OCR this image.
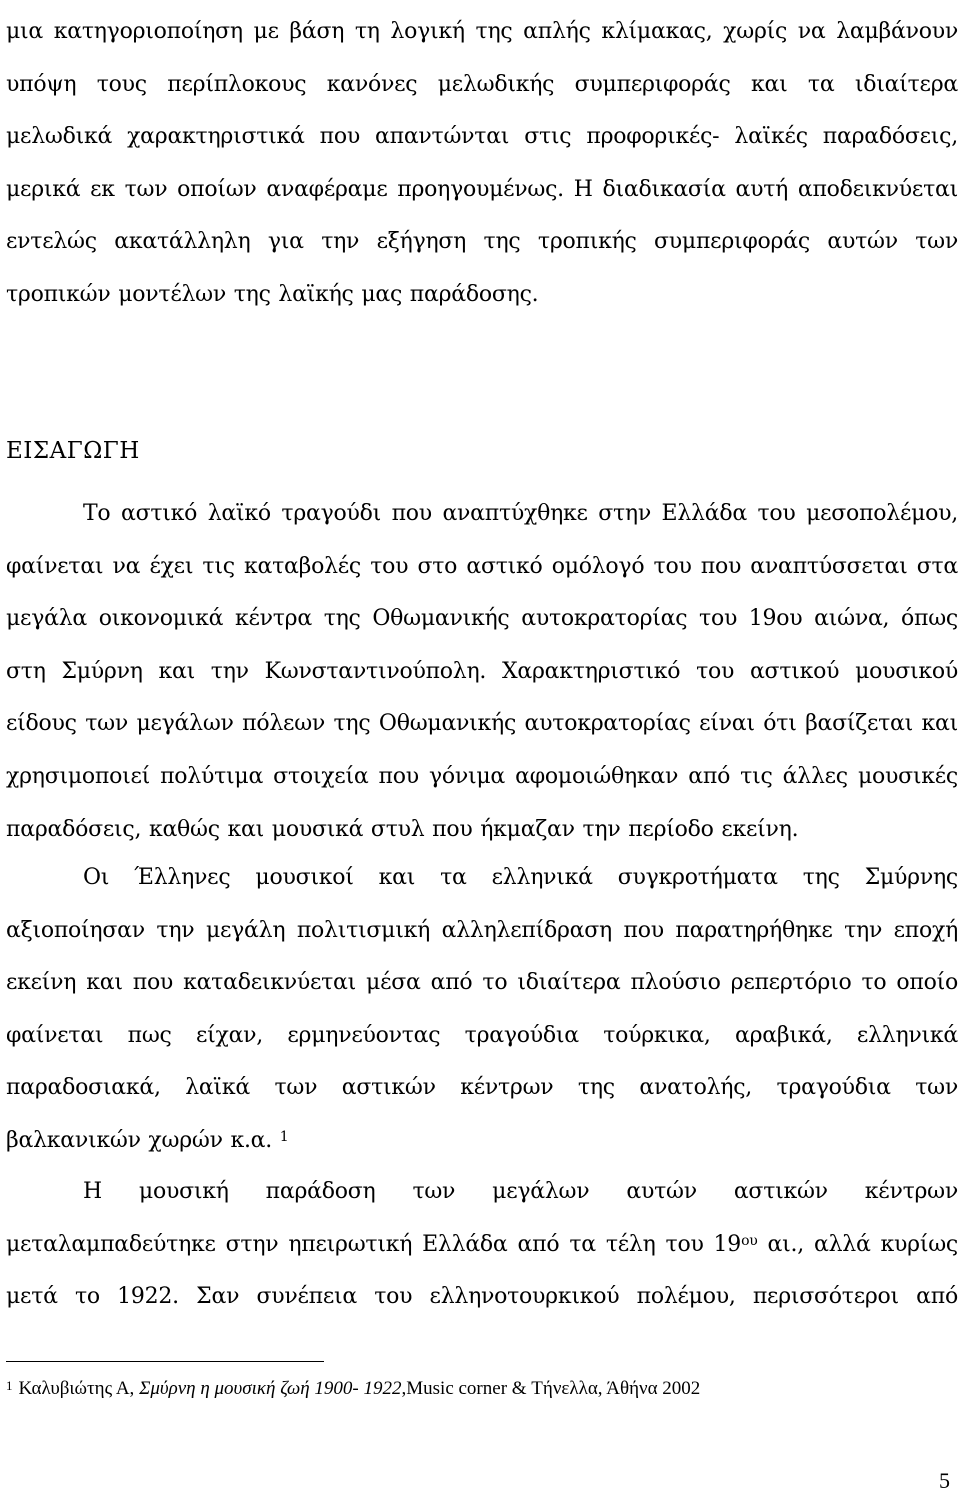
μια κατηγοριοποίηση με βάση τη λογική της απλής κλίμακας, χωρίς να λαμβάνουν υπόψη τους περίπλοκους κανόνες μελωδικής συμπεριφοράς και τα ιδιαίτερα μελωδικά χαρακτηριστικά που απαντώνται στις προφορικές- λαϊκές παραδόσεις, μερικά εκ των οποίων αναφέραμε προηγουμένως. Η διαδικασία αυτή αποδεικνύεται εντελώς ακατάλληλη για την εξήγηση της τροπικής συμπεριφοράς αυτών των τροπικών μοντέλων της λαϊκής μας παράδοσης.

ΕΙΣΑΓΩΓΗ

Το αστικό λαϊκό τραγούδι που αναπτύχθηκε στην Ελλάδα του μεσοπολέμου, φαίνεται να έχει τις καταβολές του στο αστικό ομόλογό του που αναπτύσσεται στα μεγάλα οικονομικά κέντρα της Οθωμανικής αυτοκρατορίας του 19ου αιώνα, όπως στη Σμύρνη και την Κωνσταντινούπολη. Χαρακτηριστικό του αστικού μουσικού είδους των μεγάλων πόλεων της Οθωμανικής αυτοκρατορίας είναι ότι βασίζεται και χρησιμοποιεί πολύτιμα στοιχεία που γόνιμα αφομοιώθηκαν από τις άλλες μουσικές παραδόσεις, καθώς και μουσικά στυλ που ήκμαζαν την περίοδο εκείνη.

Οι Έλληνες μουσικοί και τα ελληνικά συγκροτήματα της Σμύρνης αξιοποίησαν την μεγάλη πολιτισμική αλληλεπίδραση που παρατηρήθηκε την εποχή εκείνη και που καταδεικνύεται μέσα από το ιδιαίτερα πλούσιο ρεπερτόριο το οποίο φαίνεται πως είχαν, ερμηνεύοντας τραγούδια τούρκικα, αραβικά, ελληνικά παραδοσιακά, λαϊκά των αστικών κέντρων της ανατολής, τραγούδια των βαλκανικών χωρών κ.α. $^1$

Η μουσική παράδοση των μεγάλων αυτών αστικών κέντρων μεταλαμπαδεύτηκε στην ηπειρωτική Ελλάδα από τα τέλη του 19$^{o\upsilon}$ αι., αλλά κυρίως μετά το 1922. Σαν συνέπεια του ελληνοτουρκικού πολέμου, περισσότεροι από

$^1$ Καλυβιώτης Α, Σμύρνη η μουσική ζωή 1900- 1922,Music corner & Τήνελλα, Άθήνα 2002
5
